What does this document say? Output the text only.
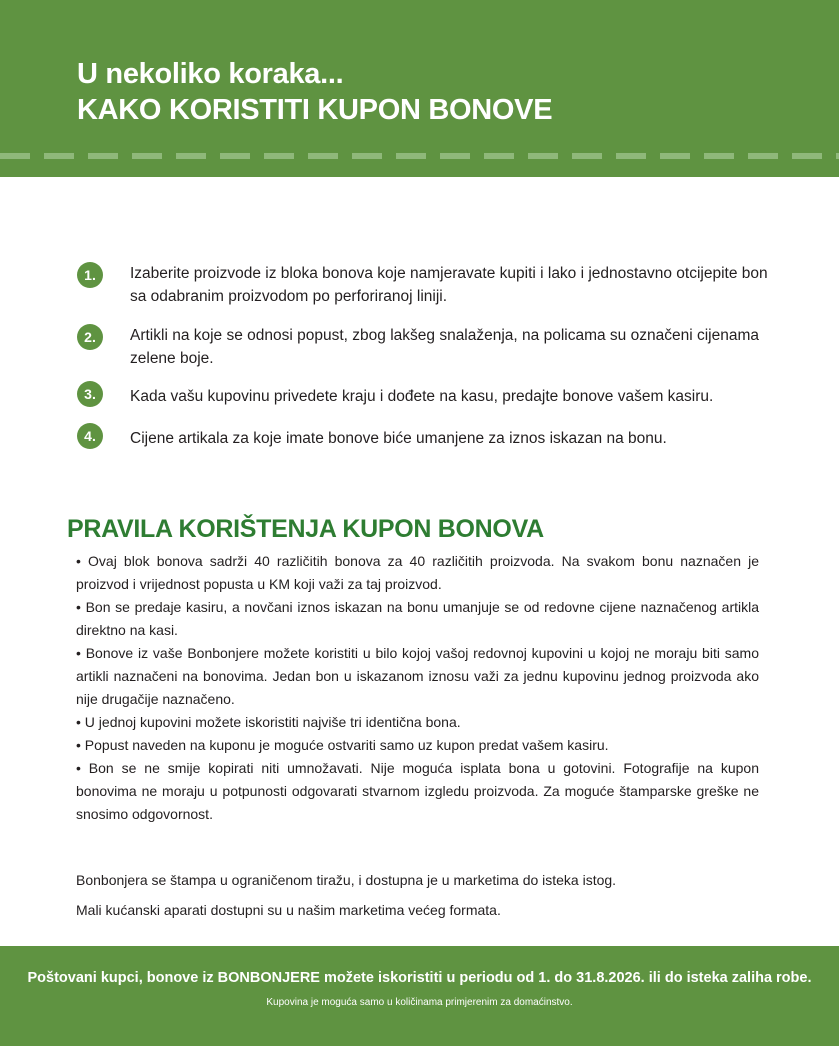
U nekoliko koraka...
KAKO KORISTITI KUPON BONOVE
1.	Izaberite proizvode iz bloka bonova koje namjeravate kupiti i lako i jednostavno otcijepite bon sa odabranim proizvodom po perforiranoj liniji.
2.	Artikli na koje se odnosi popust, zbog lakšeg snalaženja, na policama su označeni cijenama zelene boje.
3.	Kada vašu kupovinu privedete kraju i dođete na kasu, predajte bonove vašem kasiru.
4.	Cijene artikala za koje imate bonove biće umanjene za iznos iskazan na bonu.
PRAVILA KORIŠTENJA KUPON BONOVA

• Ovaj blok bonova sadrži 40 različitih bonova za 40 različitih proizvoda. Na svakom bonu naznačen je proizvod i vrijednost popusta u KM koji važi za taj proizvod.

• Bon se predaje kasiru, a novčani iznos iskazan na bonu umanjuje se od redovne cijene naznačenog artikla direktno na kasi.

• Bonove iz vaše Bonbonjere možete koristiti u bilo kojoj vašoj redovnoj kupovini u kojoj ne moraju biti samo artikli naznačeni na bonovima. Jedan bon u iskazanom iznosu važi za jednu kupovinu jednog proizvoda ako nije drugačije naznačeno.

• U jednoj kupovini možete iskoristiti najviše tri identična bona.

• Popust naveden na kuponu je moguće ostvariti samo uz kupon predat vašem kasiru.

• Bon se ne smije kopirati niti umnožavati. Nije moguća isplata bona u gotovini. Fotografije na kupon bonovima ne moraju u potpunosti odgovarati stvarnom izgledu proizvoda. Za moguće štamparske greške ne snosimo odgovornost.

Bonbonjera se štampa u ograničenom tiražu, i dostupna je u marketima do isteka istog.
Mali kućanski aparati dostupni su u našim marketima većeg formata.
Poštovani kupci, bonove iz BONBONJERE možete iskoristiti u periodu od 1. do 31.8.2026. ili do isteka zaliha robe.
Kupovina je moguća samo u količinama primjerenim za domaćinstvo.
